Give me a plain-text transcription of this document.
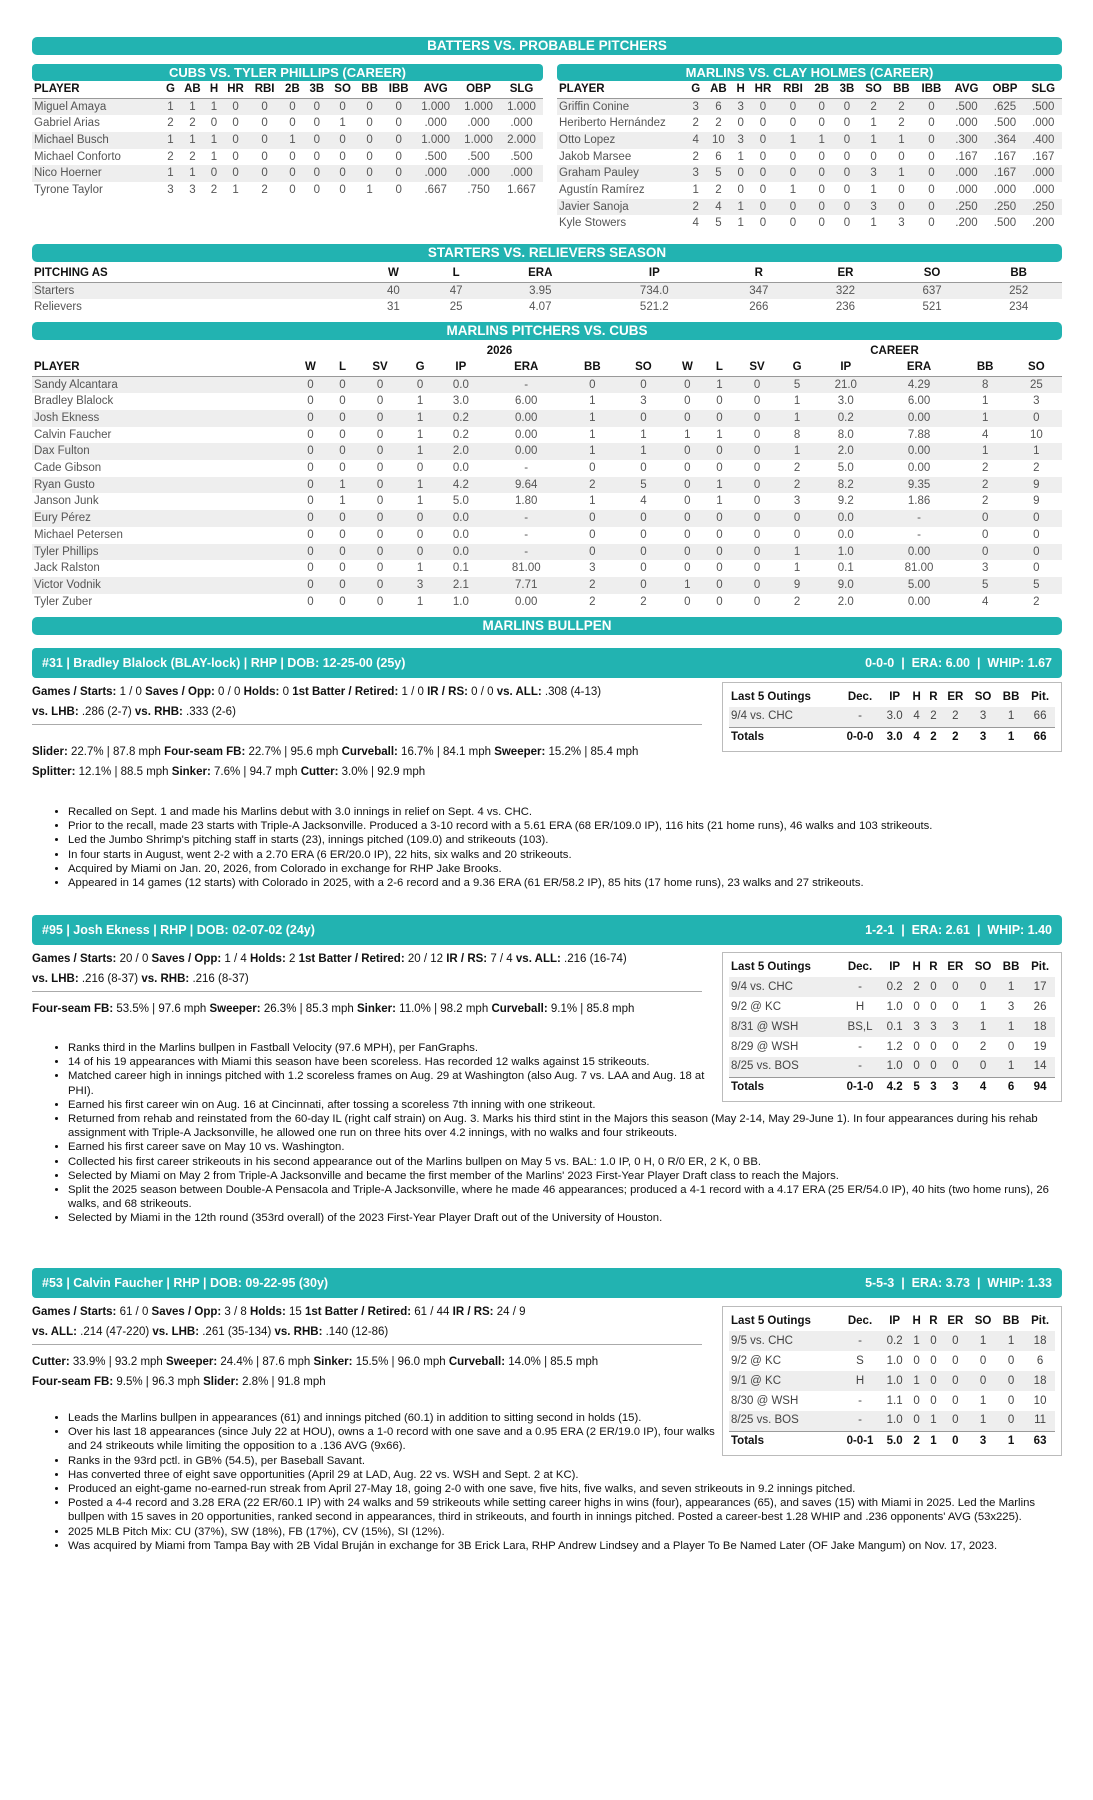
BATTERS VS. PROBABLE PITCHERS
CUBS VS. TYLER PHILLIPS (CAREER)
PLAYER	G	AB	H	HR	RBI	2B	3B	SO	BB	IBB	AVG	OBP	SLG
Miguel Amaya	1	1	1	0	0	0	0	0	0	0	1.000	1.000	1.000
Gabriel Arias	2	2	0	0	0	0	0	1	0	0	.000	.000	.000
Michael Busch	1	1	1	0	0	1	0	0	0	0	1.000	1.000	2.000
Michael Conforto	2	2	1	0	0	0	0	0	0	0	.500	.500	.500
Nico Hoerner	1	1	0	0	0	0	0	0	0	0	.000	.000	.000
Tyrone Taylor	3	3	2	1	2	0	0	0	1	0	.667	.750	1.667
MARLINS VS. CLAY HOLMES (CAREER)
PLAYER	G	AB	H	HR	RBI	2B	3B	SO	BB	IBB	AVG	OBP	SLG
Griffin Conine	3	6	3	0	0	0	0	2	2	0	.500	.625	.500
Heriberto Hernández	2	2	0	0	0	0	0	1	2	0	.000	.500	.000
Otto Lopez	4	10	3	0	1	1	0	1	1	0	.300	.364	.400
Jakob Marsee	2	6	1	0	0	0	0	0	0	0	.167	.167	.167
Graham Pauley	3	5	0	0	0	0	0	3	1	0	.000	.167	.000
Agustín Ramírez	1	2	0	0	1	0	0	1	0	0	.000	.000	.000
Javier Sanoja	2	4	1	0	0	0	0	3	0	0	.250	.250	.250
Kyle Stowers	4	5	1	0	0	0	0	1	3	0	.200	.500	.200
STARTERS VS. RELIEVERS SEASON
PITCHING AS	W	L	ERA	IP	R	ER	SO	BB
Starters	40	47	3.95	734.0	347	322	637	252
Relievers	31	25	4.07	521.2	266	236	521	234
MARLINS PITCHERS VS. CUBS
2026									CAREER							
PLAYER	W	L	SV	G	IP	ERA	BB	SO	W	L	SV	G	IP	ERA	BB	SO
Sandy Alcantara	0	0	0	0	0.0	-	0	0	0	1	0	5	21.0	4.29	8	25
Bradley Blalock	0	0	0	1	3.0	6.00	1	3	0	0	0	1	3.0	6.00	1	3
Josh Ekness	0	0	0	1	0.2	0.00	1	0	0	0	0	1	0.2	0.00	1	0
Calvin Faucher	0	0	0	1	0.2	0.00	1	1	1	1	0	8	8.0	7.88	4	10
Dax Fulton	0	0	0	1	2.0	0.00	1	1	0	0	0	1	2.0	0.00	1	1
Cade Gibson	0	0	0	0	0.0	-	0	0	0	0	0	2	5.0	0.00	2	2
Ryan Gusto	0	1	0	1	4.2	9.64	2	5	0	1	0	2	8.2	9.35	2	9
Janson Junk	0	1	0	1	5.0	1.80	1	4	0	1	0	3	9.2	1.86	2	9
Eury Pérez	0	0	0	0	0.0	-	0	0	0	0	0	0	0.0	-	0	0
Michael Petersen	0	0	0	0	0.0	-	0	0	0	0	0	0	0.0	-	0	0
Tyler Phillips	0	0	0	0	0.0	-	0	0	0	0	0	1	1.0	0.00	0	0
Jack Ralston	0	0	0	1	0.1	81.00	3	0	0	0	0	1	0.1	81.00	3	0
Victor Vodnik	0	0	0	3	2.1	7.71	2	0	1	0	0	9	9.0	5.00	5	5
Tyler Zuber	0	0	0	1	1.0	0.00	2	2	0	0	0	2	2.0	0.00	4	2
MARLINS BULLPEN
#31 | Bradley Blalock (BLAY-lock) | RHP | DOB: 12-25-00 (25y)	0-0-0  |  ERA: 6.00  |  WHIP: 1.67
Games / Starts: 1 / 0 Saves / Opp: 0 / 0 Holds: 0 1st Batter / Retired: 1 / 0 IR / RS: 0 / 0 vs. ALL: .308 (4-13)
vs. LHB: .286 (2-7) vs. RHB: .333 (2-6)
Slider: 22.7% | 87.8 mph Four-seam FB: 22.7% | 95.6 mph Curveball: 16.7% | 84.1 mph Sweeper: 15.2% | 85.4 mph
Splitter: 12.1% | 88.5 mph Sinker: 7.6% | 94.7 mph Cutter: 3.0% | 92.9 mph
Last 5 Outings	Dec.	IP	H	R	ER	SO	BB	Pit.
9/4 vs. CHC	-	3.0	4	2	2	3	1	66
Totals	0-0-0	3.0	4	2	2	3	1	66
• Recalled on Sept. 1 and made his Marlins debut with 3.0 innings in relief on Sept. 4 vs. CHC.
• Prior to the recall, made 23 starts with Triple-A Jacksonville. Produced a 3-10 record with a 5.61 ERA (68 ER/109.0 IP), 116 hits (21 home runs), 46 walks and 103 strikeouts.
• Led the Jumbo Shrimp's pitching staff in starts (23), innings pitched (109.0) and strikeouts (103).
• In four starts in August, went 2-2 with a 2.70 ERA (6 ER/20.0 IP), 22 hits, six walks and 20 strikeouts.
• Acquired by Miami on Jan. 20, 2026, from Colorado in exchange for RHP Jake Brooks.
• Appeared in 14 games (12 starts) with Colorado in 2025, with a 2-6 record and a 9.36 ERA (61 ER/58.2 IP), 85 hits (17 home runs), 23 walks and 27 strikeouts.
#95 | Josh Ekness | RHP | DOB: 02-07-02 (24y)	1-2-1  |  ERA: 2.61  |  WHIP: 1.40
Games / Starts: 20 / 0 Saves / Opp: 1 / 4 Holds: 2 1st Batter / Retired: 20 / 12 IR / RS: 7 / 4 vs. ALL: .216 (16-74)
vs. LHB: .216 (8-37) vs. RHB: .216 (8-37)
Four-seam FB: 53.5% | 97.6 mph Sweeper: 26.3% | 85.3 mph Sinker: 11.0% | 98.2 mph Curveball: 9.1% | 85.8 mph
Last 5 Outings	Dec.	IP	H	R	ER	SO	BB	Pit.
9/4 vs. CHC	-	0.2	2	0	0	0	1	17
9/2 @ KC	H	1.0	0	0	0	1	3	26
8/31 @ WSH	BS,L	0.1	3	3	3	1	1	18
8/29 @ WSH	-	1.2	0	0	0	2	0	19
8/25 vs. BOS	-	1.0	0	0	0	0	1	14
Totals	0-1-0	4.2	5	3	3	4	6	94
• Ranks third in the Marlins bullpen in Fastball Velocity (97.6 MPH), per FanGraphs.
• 14 of his 19 appearances with Miami this season have been scoreless. Has recorded 12 walks against 15 strikeouts.
• Matched career high in innings pitched with 1.2 scoreless frames on Aug. 29 at Washington (also Aug. 7 vs. LAA and Aug. 18 at PHI).
• Earned his first career win on Aug. 16 at Cincinnati, after tossing a scoreless 7th inning with one strikeout.
• Returned from rehab and reinstated from the 60-day IL (right calf strain) on Aug. 3. Marks his third stint in the Majors this season (May 2-14, May 29-June 1). In four appearances during his rehab assignment with Triple-A Jacksonville, he allowed one run on three hits over 4.2 innings, with no walks and four strikeouts.
• Earned his first career save on May 10 vs. Washington.
• Collected his first career strikeouts in his second appearance out of the Marlins bullpen on May 5 vs. BAL: 1.0 IP, 0 H, 0 R/0 ER, 2 K, 0 BB.
• Selected by Miami on May 2 from Triple-A Jacksonville and became the first member of the Marlins' 2023 First-Year Player Draft class to reach the Majors.
• Split the 2025 season between Double-A Pensacola and Triple-A Jacksonville, where he made 46 appearances; produced a 4-1 record with a 4.17 ERA (25 ER/54.0 IP), 40 hits (two home runs), 26 walks, and 68 strikeouts.
• Selected by Miami in the 12th round (353rd overall) of the 2023 First-Year Player Draft out of the University of Houston.
#53 | Calvin Faucher | RHP | DOB: 09-22-95 (30y)	5-5-3  |  ERA: 3.73  |  WHIP: 1.33
Games / Starts: 61 / 0 Saves / Opp: 3 / 8 Holds: 15 1st Batter / Retired: 61 / 44 IR / RS: 24 / 9
vs. ALL: .214 (47-220) vs. LHB: .261 (35-134) vs. RHB: .140 (12-86)
Cutter: 33.9% | 93.2 mph Sweeper: 24.4% | 87.6 mph Sinker: 15.5% | 96.0 mph Curveball: 14.0% | 85.5 mph
Four-seam FB: 9.5% | 96.3 mph Slider: 2.8% | 91.8 mph
Last 5 Outings	Dec.	IP	H	R	ER	SO	BB	Pit.
9/5 vs. CHC	-	0.2	1	0	0	1	1	18
9/2 @ KC	S	1.0	0	0	0	0	0	6
9/1 @ KC	H	1.0	1	0	0	0	0	18
8/30 @ WSH	-	1.1	0	0	0	1	0	10
8/25 vs. BOS	-	1.0	0	1	0	1	0	11
Totals	0-0-1	5.0	2	1	0	3	1	63
• Leads the Marlins bullpen in appearances (61) and innings pitched (60.1) in addition to sitting second in holds (15).
• Over his last 18 appearances (since July 22 at HOU), owns a 1-0 record with one save and a 0.95 ERA (2 ER/19.0 IP), four walks and 24 strikeouts while limiting the opposition to a .136 AVG (9x66).
• Ranks in the 93rd pctl. in GB% (54.5), per Baseball Savant.
• Has converted three of eight save opportunities (April 29 at LAD, Aug. 22 vs. WSH and Sept. 2 at KC).
• Produced an eight-game no-earned-run streak from April 27-May 18, going 2-0 with one save, five hits, five walks, and seven strikeouts in 9.2 innings pitched.
• Posted a 4-4 record and 3.28 ERA (22 ER/60.1 IP) with 24 walks and 59 strikeouts while setting career highs in wins (four), appearances (65), and saves (15) with Miami in 2025. Led the Marlins bullpen with 15 saves in 20 opportunities, ranked second in appearances, third in strikeouts, and fourth in innings pitched. Posted a career-best 1.28 WHIP and .236 opponents' AVG (53x225).
• 2025 MLB Pitch Mix: CU (37%), SW (18%), FB (17%), CV (15%), SI (12%).
• Was acquired by Miami from Tampa Bay with 2B Vidal Bruján in exchange for 3B Erick Lara, RHP Andrew Lindsey and a Player To Be Named Later (OF Jake Mangum) on Nov. 17, 2023.
